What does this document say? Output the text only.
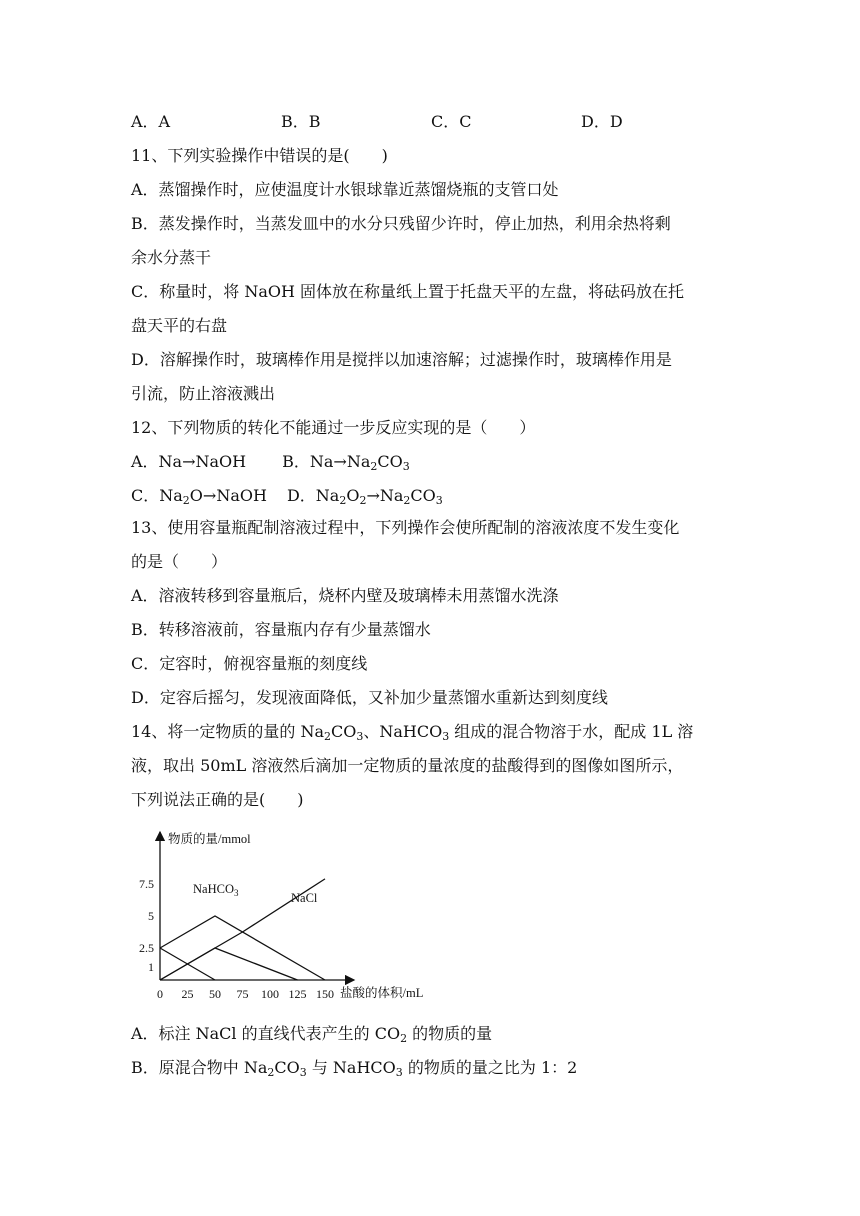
A．A	B．B	C．C	D．D
11、下列实验操作中错误的是(　　)
A．蒸馏操作时，应使温度计水银球靠近蒸馏烧瓶的支管口处
B．蒸发操作时，当蒸发皿中的水分只残留少许时，停止加热，利用余热将剩
余水分蒸干
C．称量时，将 NaOH 固体放在称量纸上置于托盘天平的左盘，将砝码放在托
盘天平的右盘
D．溶解操作时，玻璃棒作用是搅拌以加速溶解；过滤操作时，玻璃棒作用是
引流，防止溶液溅出
12、下列物质的转化不能通过一步反应实现的是（　　）
A．Na→NaOH B．$Na\to Na_2CO_3$
C．$Na_2O\to NaOH$ D．$Na_2O_2\to Na_2CO_3$
13、使用容量瓶配制溶液过程中，下列操作会使所配制的溶液浓度不发生变化
的是（　　）
A．溶液转移到容量瓶后，烧杯内壁及玻璃棒未用蒸馏水洗涤
B．转移溶液前，容量瓶内存有少量蒸馏水
C．定容时，俯视容量瓶的刻度线
D．定容后摇匀，发现液面降低，又补加少量蒸馏水重新达到刻度线
14、将一定物质的量的 $Na_2CO_3$、NaHCO$_3$ 组成的混合物溶于水，配成 1L 溶
液，取出 50mL 溶液然后滴加一定物质的量浓度的盐酸得到的图像如图所示，
下列说法正确的是(　　)
物质的量/mmol
盐酸的体积/mL
0 25 50 75 100 125 150
1
2.5
5
7.5	NaHCO$_3$	NaCl
A．标注 NaCl 的直线代表产生的 $CO_2$ 的物质的量
B．原混合物中 $Na_2CO_3$ 与 NaHCO$_3$ 的物质的量之比为 1：2
